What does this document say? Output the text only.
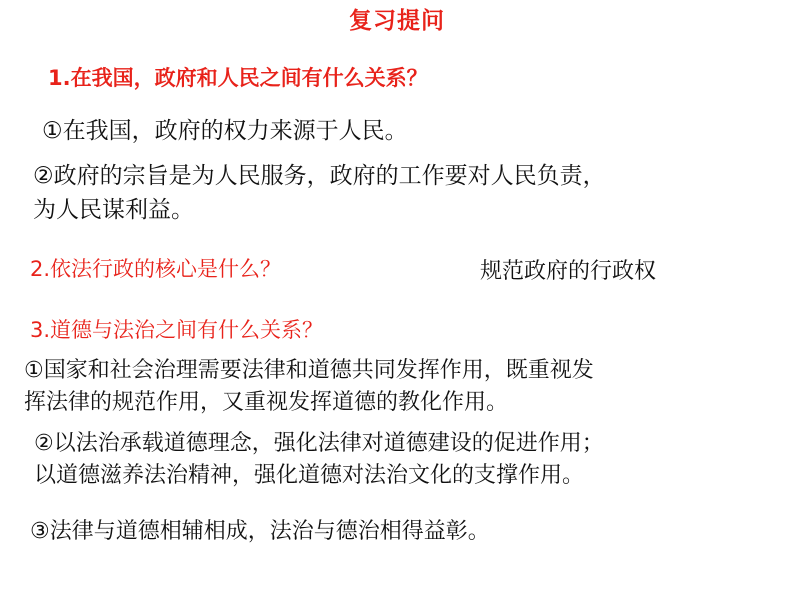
复习提问
1.在我国，政府和人民之间有什么关系？
①在我国，政府的权力来源于人民。
②政府的宗旨是为人民服务，政府的工作要对人民负责，
为人民谋利益。
2.依法行政的核心是什么？	规范政府的行政权
3.道德与法治之间有什么关系？
①国家和社会治理需要法律和道德共同发挥作用，既重视发
挥法律的规范作用，又重视发挥道德的教化作用。
②以法治承载道德理念，强化法律对道德建设的促进作用；
以道德滋养法治精神，强化道德对法治文化的支撑作用。
③法律与道德相辅相成，法治与德治相得益彰。
